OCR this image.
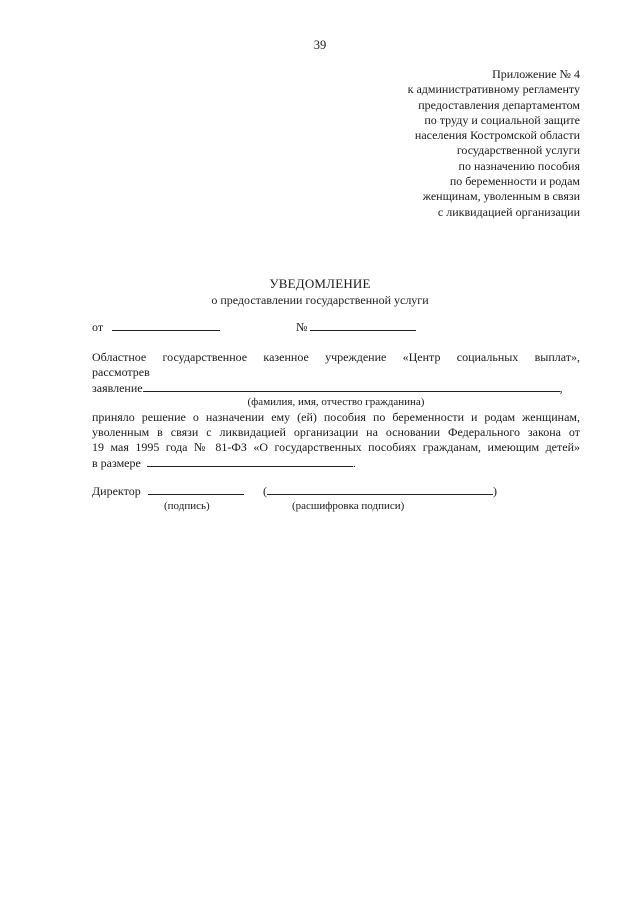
39
Приложение № 4
к административному регламенту
предоставления департаментом
по труду и социальной защите
населения Костромской области
государственной услуги
по назначению пособия
по беременности и родам
женщинам, уволенным в связи
с ликвидацией организации
УВЕДОМЛЕНИЕ
о предоставлении государственной услуги
от	№
Областное государственное казенное учреждение «Центр социальных выплат»,
рассмотрев
заявление	,
(фамилия, имя, отчество гражданина)
приняло решение о назначении ему (ей) пособия по беременности и родам женщинам,
уволенным в связи с ликвидацией организации на основании Федерального закона от
19 мая 1995 года № 81-ФЗ «О государственных пособиях гражданам, имеющим детей»
в размере	.
Директор	(	)
(подпись)	(расшифровка подписи)
